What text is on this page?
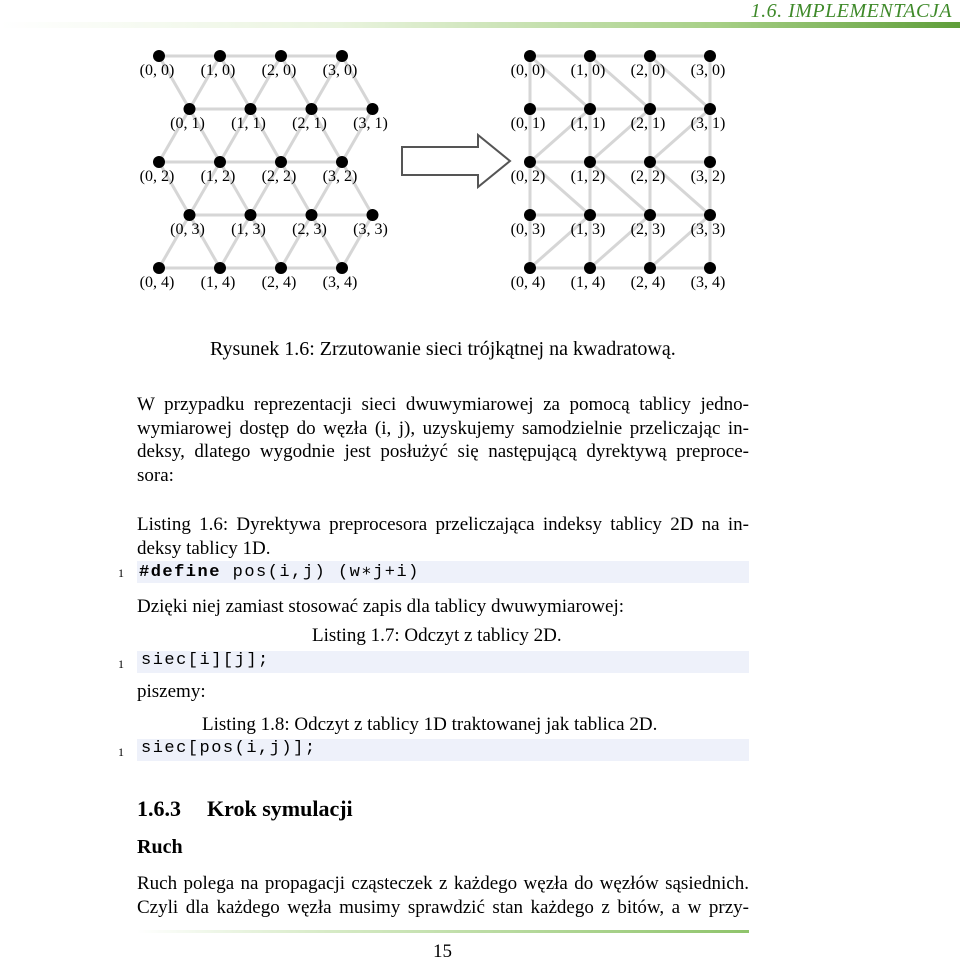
1.6. IMPLEMENTACJA
(0, 0) (1, 0) (2, 0) (3, 0)
(0, 1) (1, 1) (2, 1) (3, 1)
(0, 2) (1, 2) (2, 2) (3, 2)
(0, 3) (1, 3) (2, 3) (3, 3)
(0, 4) (1, 4) (2, 4) (3, 4)
(0, 0) (1, 0) (2, 0) (3, 0)
(0, 1) (1, 1) (2, 1) (3, 1)
(0, 2) (1, 2) (2, 2) (3, 2)
(0, 3) (1, 3) (2, 3) (3, 3)
(0, 4) (1, 4) (2, 4) (3, 4)
Rysunek 1.6: Zrzutowanie sieci trójkątnej na kwadratową.
W przypadku reprezentacji sieci dwuwymiarowej za pomocą tablicy jedno-
wymiarowej dostęp do węzła (i, j), uzyskujemy samodzielnie przeliczając in-
deksy, dlatego wygodnie jest posłużyć się następującą dyrektywą preproce-
sora:
Listing 1.6: Dyrektywa preprocesora przeliczająca indeksy tablicy 2D na in-
deksy tablicy 1D.
1 #define pos(i,j) (w∗j+i)
Dzięki niej zamiast stosować zapis dla tablicy dwuwymiarowej:
Listing 1.7: Odczyt z tablicy 2D.
1 siec[i][j];
piszemy:
Listing 1.8: Odczyt z tablicy 1D traktowanej jak tablica 2D.
1 siec[pos(i,j)];
1.6.3 Krok symulacji
Ruch
Ruch polega na propagacji cząsteczek z każdego węzła do węzłów sąsiednich.
Czyli dla każdego węzła musimy sprawdzić stan każdego z bitów, a w przy-
15
